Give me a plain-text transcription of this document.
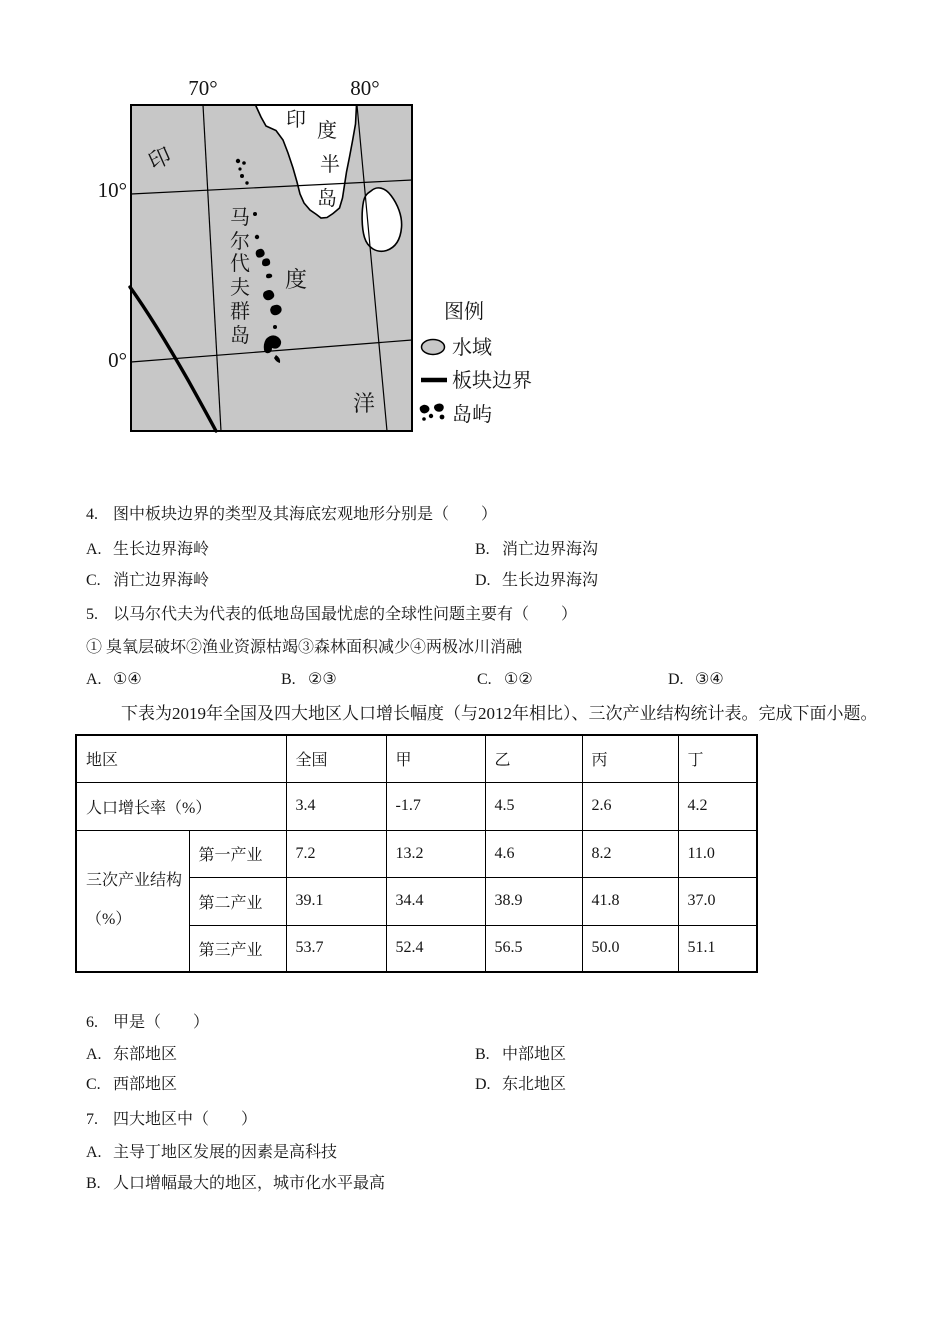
70°	80°
10°
0°
印
度
洋
印 度
半
岛
马
尔
代
夫
群
岛
图例
水域
板块边界
岛屿
4. 图中板块边界的类型及其海底宏观地形分别是（　　）
A. 生长边界海岭	B. 消亡边界海沟
C. 消亡边界海岭	D. 生长边界海沟
5. 以马尔代夫为代表的低地岛国最忧虑的全球性问题主要有（　　）
① 臭氧层破坏②渔业资源枯竭③森林面积减少④两极冰川消融
A. ①④	B. ②③	C. ①②	D. ③④
下表为2019年全国及四大地区人口增长幅度（与2012年相比）、三次产业结构统计表。完成下面小题。
地区		全国	甲	乙	丙	丁
人口增长率（%）		3.4	-1.7	4.5	2.6	4.2
三次产业结构（%）	第一产业	7.2	13.2	4.6	8.2	11.0
	第二产业	39.1	34.4	38.9	41.8	37.0
	第三产业	53.7	52.4	56.5	50.0	51.1
6. 甲是（　　）
A. 东部地区	B. 中部地区
C. 西部地区	D. 东北地区
7. 四大地区中（　　）
A. 主导丁地区发展的因素是高科技
B. 人口增幅最大的地区，城市化水平最高
